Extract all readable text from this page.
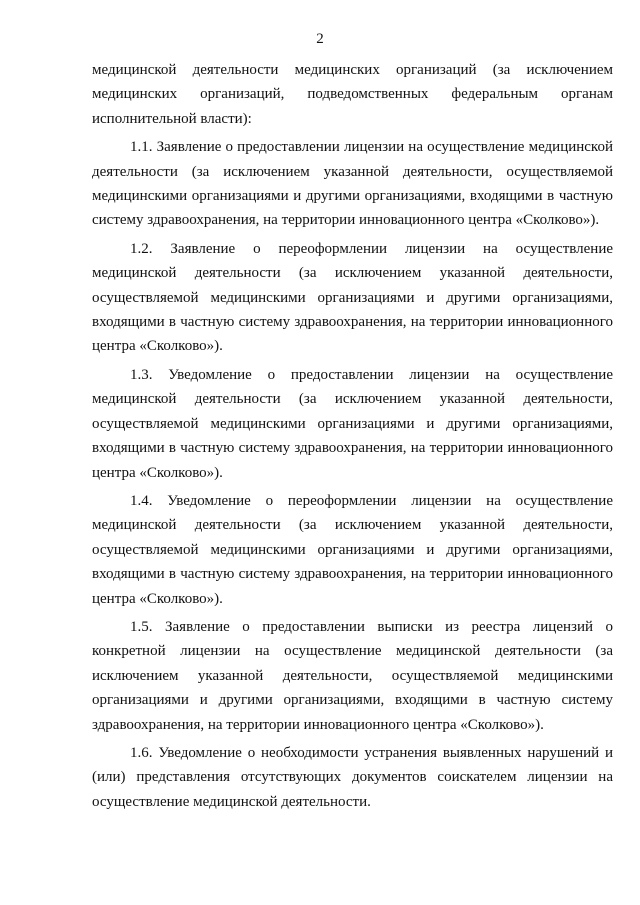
2

медицинской деятельности медицинских организаций (за исключением медицинских организаций, подведомственных федеральным органам исполнительной власти):

1.1. Заявление о предоставлении лицензии на осуществление медицинской деятельности (за исключением указанной деятельности, осуществляемой медицинскими организациями и другими организациями, входящими в частную систему здравоохранения, на территории инновационного центра «Сколково»).

1.2. Заявление о переоформлении лицензии на осуществление медицинской деятельности (за исключением указанной деятельности, осуществляемой медицинскими организациями и другими организациями, входящими в частную систему здравоохранения, на территории инновационного центра «Сколково»).

1.3. Уведомление о предоставлении лицензии на осуществление медицинской деятельности (за исключением указанной деятельности, осуществляемой медицинскими организациями и другими организациями, входящими в частную систему здравоохранения, на территории инновационного центра «Сколково»).

1.4. Уведомление о переоформлении лицензии на осуществление медицинской деятельности (за исключением указанной деятельности, осуществляемой медицинскими организациями и другими организациями, входящими в частную систему здравоохранения, на территории инновационного центра «Сколково»).

1.5. Заявление о предоставлении выписки из реестра лицензий о конкретной лицензии на осуществление медицинской деятельности (за исключением указанной деятельности, осуществляемой медицинскими организациями и другими организациями, входящими в частную систему здравоохранения, на территории инновационного центра «Сколково»).

1.6. Уведомление о необходимости устранения выявленных нарушений и (или) представления отсутствующих документов соискателем лицензии на осуществление медицинской деятельности.
